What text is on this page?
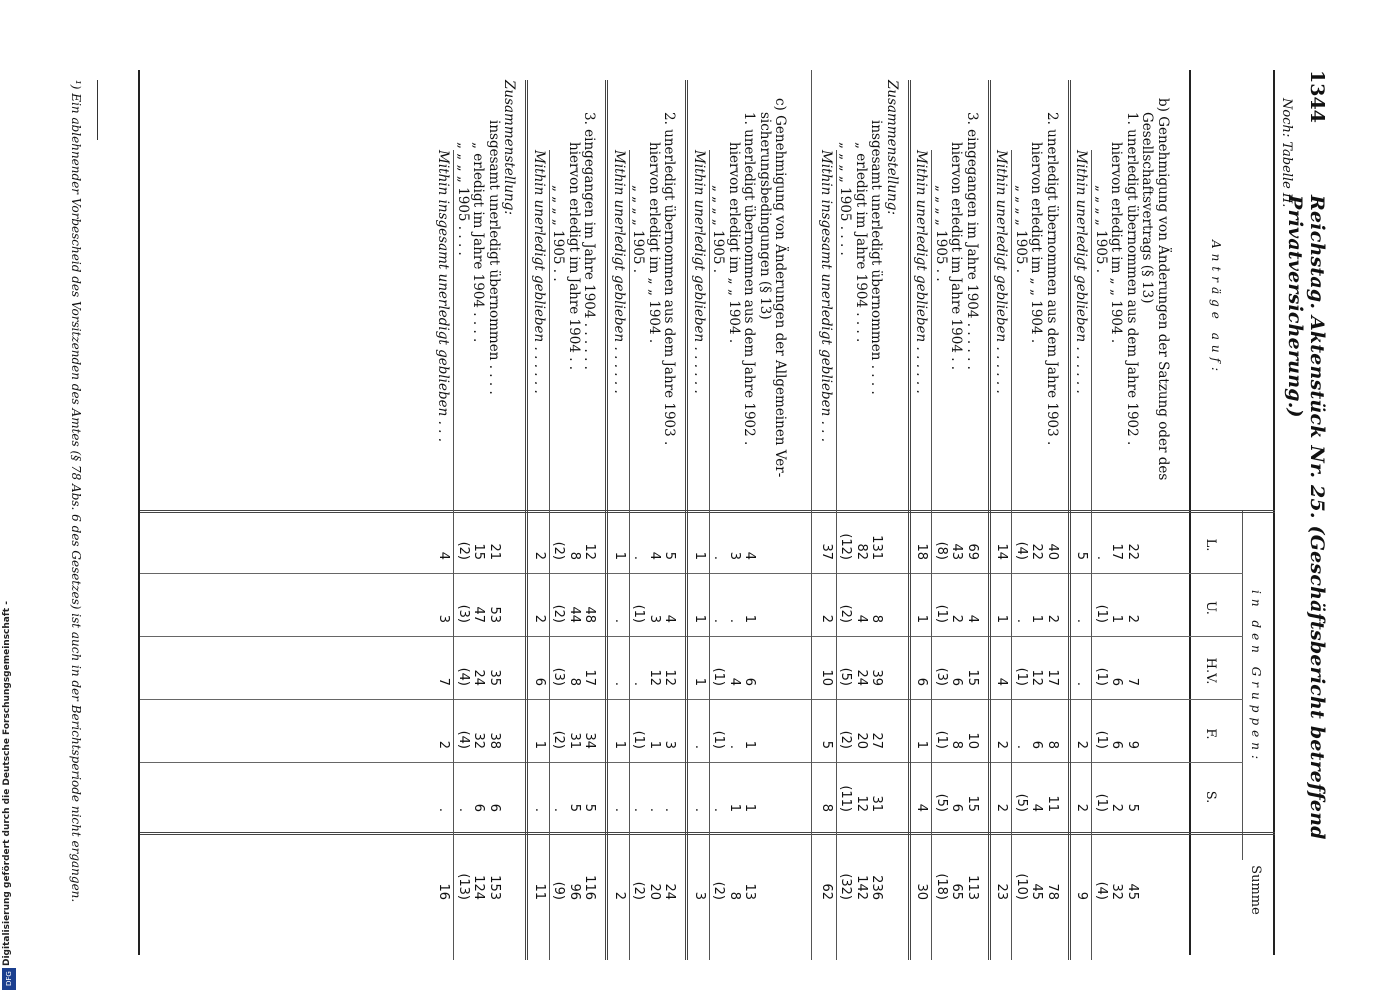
1344
Reichstag. Aktenstück Nr. 25. (Geschäftsbericht betreffend Privatversicherung.)
Noch: Tabelle II.
Anträge auf:
in den Gruppen:
L.
U.
H.V.
F.
S.
Summe
b) Genehmigung von Änderungen der Satzung oder des
Gesellschaftsvertrags (§ 13)
1. unerledigt übernommen aus dem Jahre 1902 .
22
2
7
9
5
45
hiervon erledigt im „ „ 1904 .
17
1
6
6
2
32
„ „ „ „ 1905 .
.
(1)
(1)
(1)
(1)
(4)
Mithin unerledigt geblieben . . . . . .
5
.
.
2
2
9
2. unerledigt übernommen aus dem Jahre 1903 .
40
2
17
8
11
78
hiervon erledigt im „ „ 1904 .
22
1
12
6
4
45
„ „ „ „ 1905 .
(4)
.
(1)
.
(5)
(10)
Mithin unerledigt geblieben . . . . . .
14
1
4
2
2
23
3. eingegangen im Jahre 1904 . . . . . .
69
4
15
10
15
113
hiervon erledigt im Jahre 1904 . .
43
2
6
8
6
65
„ „ „ „ 1905 . .
(8)
(1)
(3)
(1)
(5)
(18)
Mithin unerledigt geblieben . . . . . .
18
1
6
1
4
30
Zusammenstellung:
insgesamt unerledigt übernommen . . . .
131
8
39
27
31
236
„ erledigt im Jahre 1904 . . . .
82
4
24
20
12
142
„ „ „ „ 1905 . . . .
(12)
(2)
(5)
(2)
(11)
(32)
Mithin insgesamt unerledigt geblieben . . .
37
2
10
5
8
62
c) Genehmigung von Änderungen der Allgemeinen Ver-
sicherungsbedingungen (§ 13)
1. unerledigt übernommen aus dem Jahre 1902 .
4
1
6
1
1
13
hiervon erledigt im „ „ 1904 .
3
.
4
.
1
8
„ „ „ „ 1905 .
.
.
(1)
(1)
.
(2)
Mithin unerledigt geblieben . . . . . .
1
1
1
.
.
3
2. unerledigt übernommen aus dem Jahre 1903 .
5
4
12
3
.
24
hiervon erledigt im „ „ 1904 .
4
3
12
1
.
20
„ „ „ „ 1905 .
.
(1)
.
(1)
.
(2)
Mithin unerledigt geblieben . . . . . .
1
.
.
1
.
2
3. eingegangen im Jahre 1904 . . . . . .
12
48
17
34
5
116
hiervon erledigt im Jahre 1904 . .
8
44
8
31
5
96
„ „ „ „ 1905 . .
(2)
(2)
(3)
(2)
.
(9)
Mithin unerledigt geblieben . . . . . .
2
2
6
1
.
11
Zusammenstellung:
insgesamt unerledigt übernommen . . . .
21
53
35
38
6
153
„ erledigt im Jahre 1904 . . . .
15
47
24
32
6
124
„ „ „ „ 1905 . . . .
(2)
(3)
(4)
(4)
.
(13)
Mithin insgesamt unerledigt geblieben . . .
4
3
7
2
.
16
¹) Ein ablehnender Vorbescheid des Vorsitzenden des Amtes (§ 78 Abs. 6 des Gesetzes) ist auch in der Berichtsperiode nicht ergangen.
Digitalisierung gefördert durch die Deutsche Forschungsgemeinschaft -
DFG
